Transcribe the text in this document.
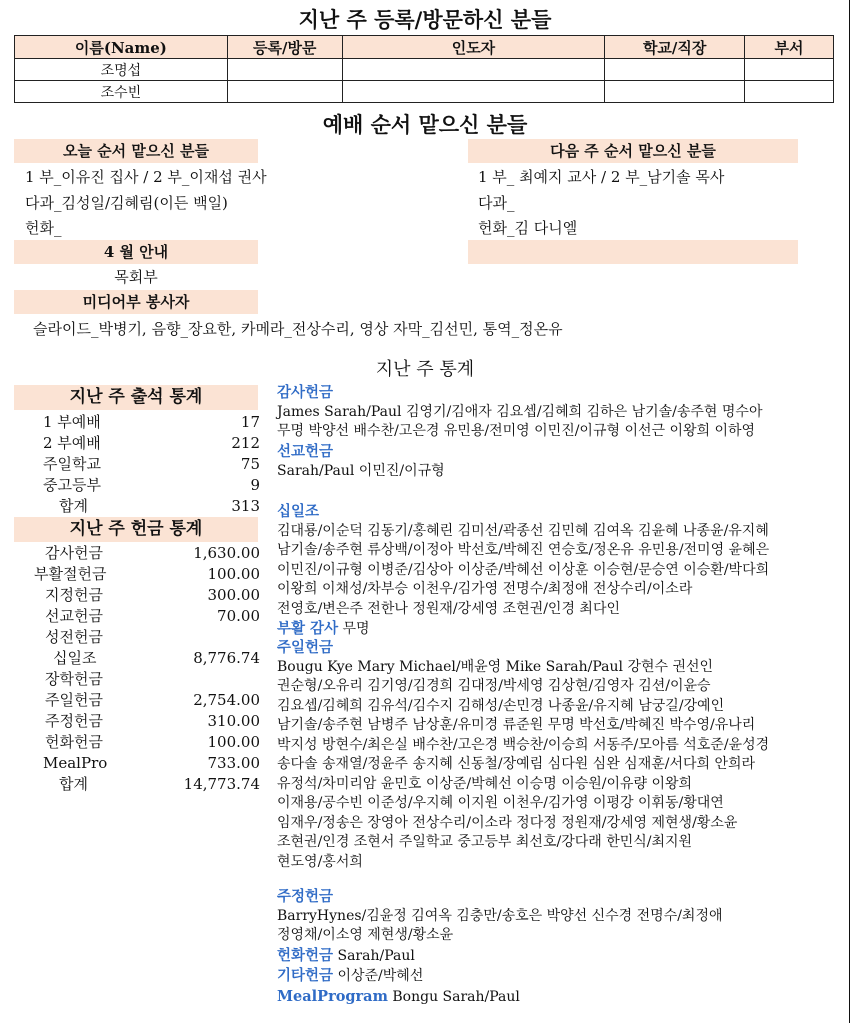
지난 주 등록/방문하신 분들
이름(Name)	등록/방문	인도자	학교/직장	부서
조명섭				
조수빈				
예배 순서 맡으신 분들
오늘 순서 맡으신 분들
1 부_이유진 집사 / 2 부_이재섭 권사
다과_김성일/김혜림(이든 백일)
헌화_
다음 주 순서 맡으신 분들
1 부_ 최예지 교사 / 2 부_남기솔 목사
다과_
헌화_김 다니엘
4 월 안내
목회부
미디어부 봉사자
슬라이드_박병기, 음향_장요한, 카메라_전상수리, 영상 자막_김선민, 통역_정온유
지난 주 통계
지난 주 출석 통계
1 부예배	17
2 부예배	212
주일학교	75
중고등부	9
합계	313
지난 주 헌금 통계
감사헌금	1,630.00
부활절헌금	100.00
지정헌금	300.00
선교헌금	70.00
성전헌금
십일조	8,776.74
장학헌금
주일헌금	2,754.00
주정헌금	310.00
헌화헌금	100.00
MealPro	733.00
합계	14,773.74
감사헌금
James Sarah/Paul 김영기/김애자 김요셉/김혜희 김하은 남기솔/송주현 명수아
무명 박양선 배수찬/고은경 유민용/전미영 이민진/이규형 이선근 이왕희 이하영
선교헌금
Sarah/Paul 이민진/이규형
십일조
김대룡/이순덕 김동기/홍혜린 김미선/곽종선 김민혜 김여옥 김윤혜 나종윤/유지혜
남기솔/송주현 류상백/이정아 박선호/박혜진 연승호/정온유 유민용/전미영 윤혜은
이민진/이규형 이병준/김상아 이상준/박혜선 이상훈 이승현/문승연 이승환/박다희
이왕희 이채성/차부승 이천우/김가영 전명수/최정애 전상수리/이소라
전영호/변은주 전한나 정원재/강세영 조현권/인경 최다인
부활 감사 무명
주일헌금
Bougu Kye Mary Michael/배윤영 Mike Sarah/Paul 강현수 권선인
권순형/오유리 김기영/김경희 김대정/박세영 김상현/김영자 김션/이윤승
김요셉/김혜희 김유석/김수지 김해성/손민경 나종윤/유지혜 남궁길/강예인
남기솔/송주현 남병주 남상훈/유미경 류준원 무명 박선호/박혜진 박수영/유나리
박지성 방현수/최은실 배수찬/고은경 백승찬/이승희 서동주/모아름 석호준/윤성경
송다솔 송재열/정윤주 송지혜 신동철/장예림 심다원 심완 심재훈/서다희 안희라
유정석/차미리암 윤민호 이상준/박혜선 이승명 이승원/이유량 이왕희
이재용/공수빈 이준성/우지혜 이지원 이천우/김가영 이평강 이휘동/황대연
임재우/정송은 장영아 전상수리/이소라 정다정 정원재/강세영 제현생/황소윤
조현권/인경 조현서 주일학교 중고등부 최선호/강다래 한민식/최지원
현도영/홍서희
주정헌금
BarryHynes/김윤정 김여옥 김충만/송호은 박양선 신수경 전명수/최정애
정영채/이소영 제현생/황소윤
헌화헌금 Sarah/Paul
기타헌금 이상준/박혜선
MealProgram Bongu Sarah/Paul
